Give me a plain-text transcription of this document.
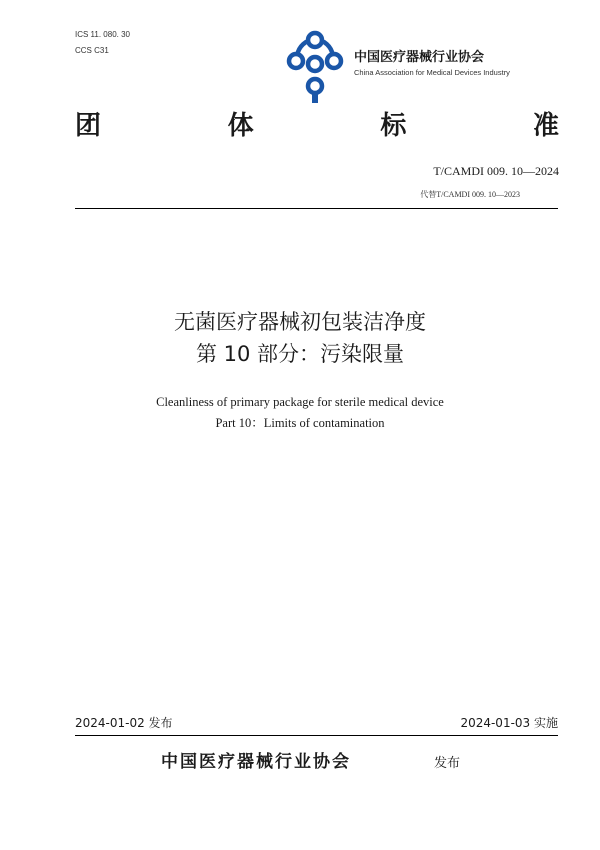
ICS 11. 080. 30
CCS C31	中国医疗器械行业协会
China Association for Medical Devices Industry
团 体 标 准
T/CAMDI 009. 10—2024
代替T/CAMDI 009. 10—2023
无菌医疗器械初包装洁净度
第 10 部分：污染限量
Cleanliness of primary package for sterile medical device
Part 10：Limits of contamination
2024-01-02 发布	2024-01-03 实施
中国医疗器械行业协会	发布
